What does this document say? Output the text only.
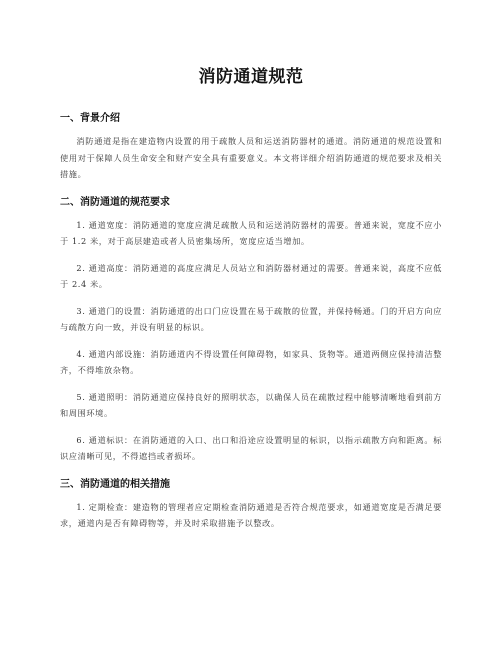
消防通道规范
一、背景介绍

消防通道是指在建造物内设置的用于疏散人员和运送消防器材的通道。消防通道的规范设置和使用对于保障人员生命安全和财产安全具有重要意义。本文将详细介绍消防通道的规范要求及相关措施。

二、消防通道的规范要求

1. 通道宽度：消防通道的宽度应满足疏散人员和运送消防器材的需要。普通来说，宽度不应小于 1.2 米，对于高层建造或者人员密集场所，宽度应适当增加。

2. 通道高度：消防通道的高度应满足人员站立和消防器材通过的需要。普通来说，高度不应低于 2.4 米。

3. 通道门的设置：消防通道的出口门应设置在易于疏散的位置，并保持畅通。门的开启方向应与疏散方向一致，并设有明显的标识。

4. 通道内部设施：消防通道内不得设置任何障碍物，如家具、货物等。通道两侧应保持清洁整齐，不得堆放杂物。

5. 通道照明：消防通道应保持良好的照明状态，以确保人员在疏散过程中能够清晰地看到前方和周围环境。

6. 通道标识：在消防通道的入口、出口和沿途应设置明显的标识，以指示疏散方向和距离。标识应清晰可见，不得遮挡或者损坏。

三、消防通道的相关措施

1. 定期检查：建造物的管理者应定期检查消防通道是否符合规范要求，如通道宽度是否满足要求，通道内是否有障碍物等，并及时采取措施予以整改。
